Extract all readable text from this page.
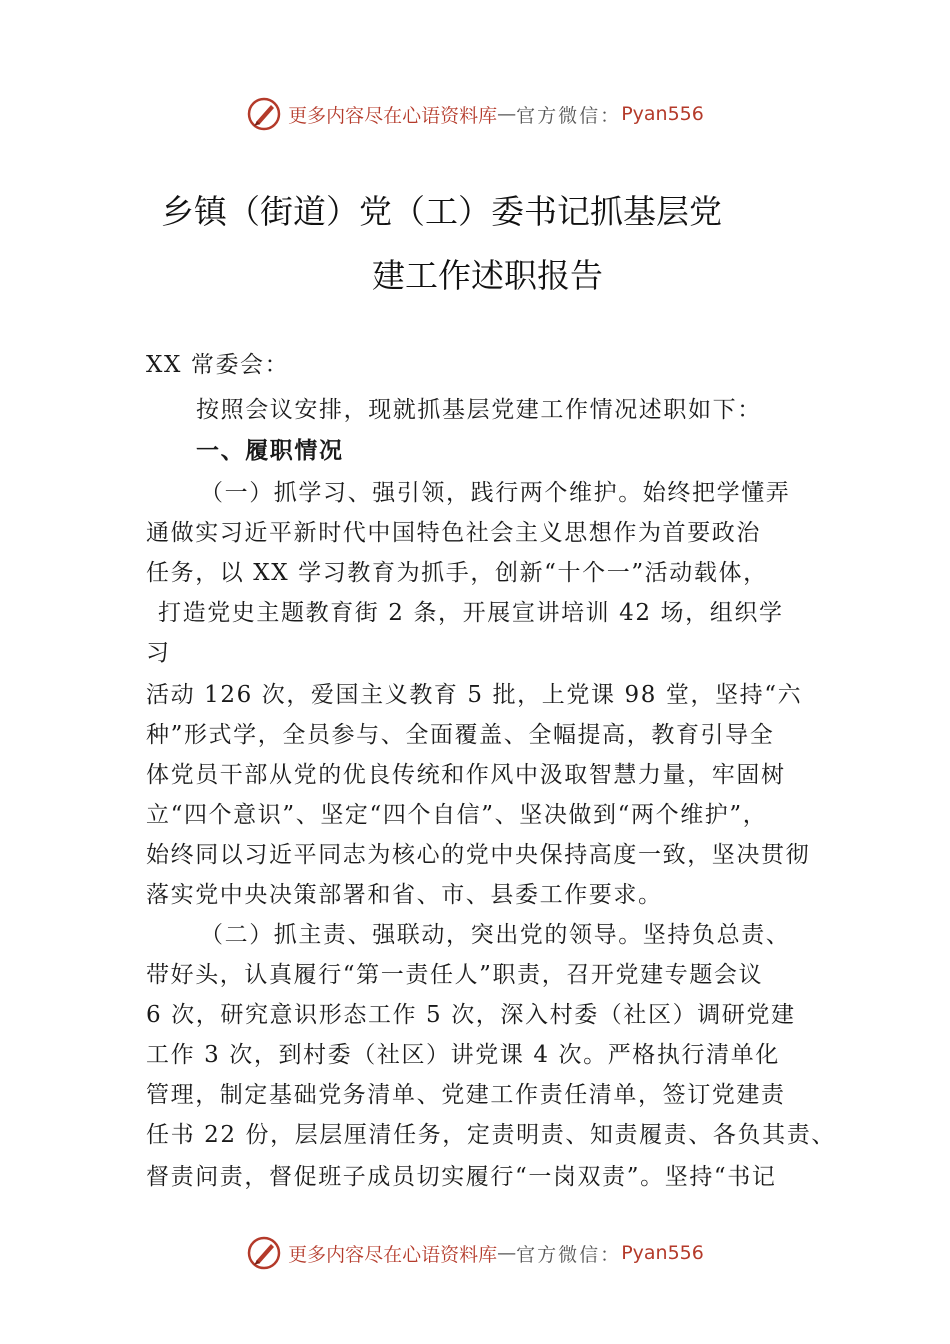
更多内容尽在心语资料库 — 官方微信： Pyan556
乡镇（街道）党（工）委书记抓基层党
建工作述职报告
XX 常委会：
按照会议安排，现就抓基层党建工作情况述职如下：
一、履职情况
（一）抓学习、强引领，践行两个维护。始终把学懂弄
通做实习近平新时代中国特色社会主义思想作为首要政治
任务，以 XX 学习教育为抓手，创新“十个一”活动载体，
打造党史主题教育街 2 条，开展宣讲培训 42 场，组织学
习
活动 126 次，爱国主义教育 5 批，上党课 98 堂，坚持“六
种”形式学，全员参与、全面覆盖、全幅提高，教育引导全
体党员干部从党的优良传统和作风中汲取智慧力量，牢固树
立“四个意识”、坚定“四个自信”、坚决做到“两个维护”，
始终同以习近平同志为核心的党中央保持高度一致，坚决贯彻
落实党中央决策部署和省、市、县委工作要求。
（二）抓主责、强联动，突出党的领导。坚持负总责、
带好头，认真履行“第一责任人”职责，召开党建专题会议
6 次，研究意识形态工作 5 次，深入村委（社区）调研党建
工作 3 次，到村委（社区）讲党课 4 次。严格执行清单化
管理，制定基础党务清单、党建工作责任清单，签订党建责
任书 22 份，层层厘清任务，定责明责、知责履责、各负其责、
督责问责，督促班子成员切实履行“一岗双责”。坚持“书记
更多内容尽在心语资料库 — 官方微信： Pyan556
